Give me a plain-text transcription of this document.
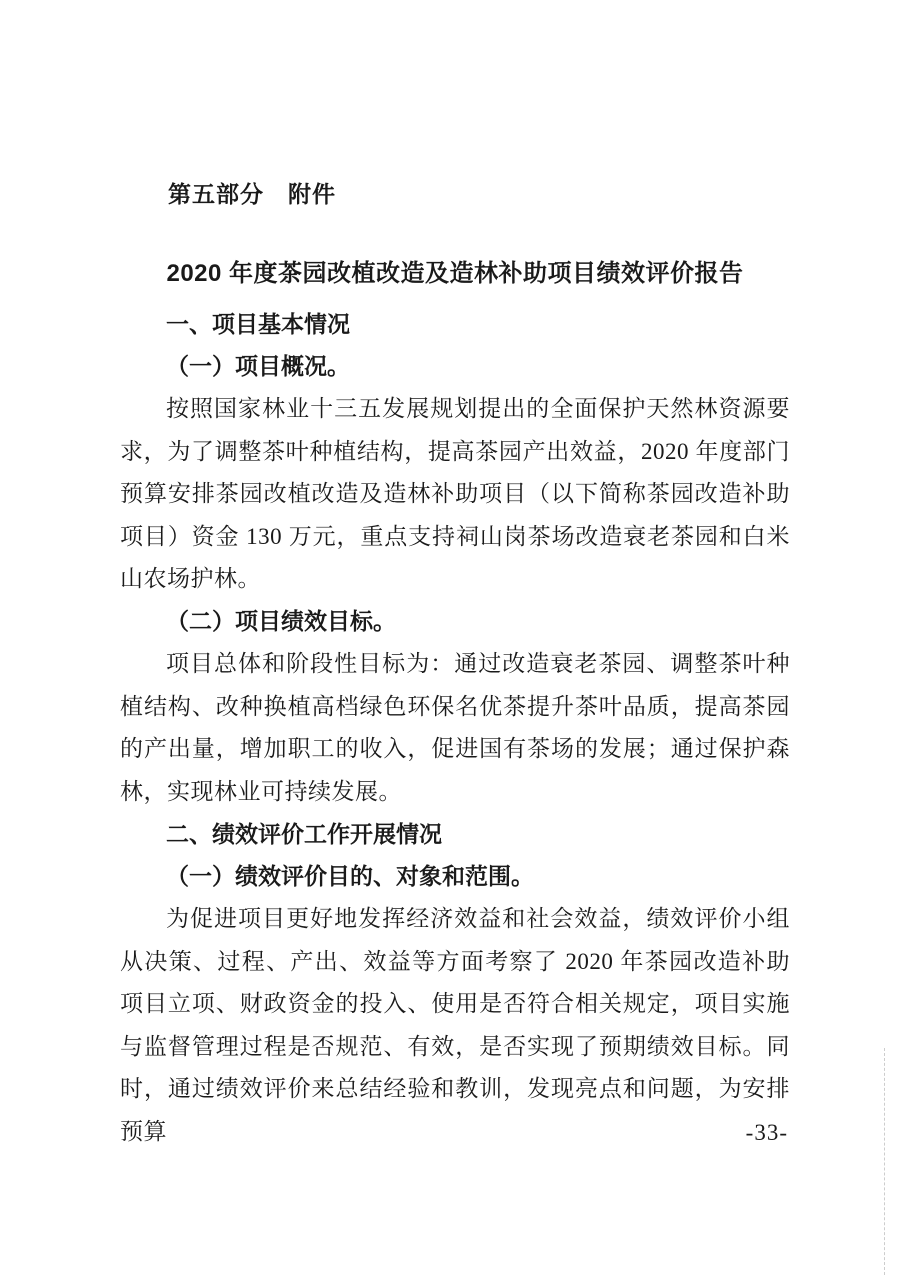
第五部分　附件
2020 年度茶园改植改造及造林补助项目绩效评价报告
一、项目基本情况
（一）项目概况。

按照国家林业十三五发展规划提出的全面保护天然林资源要求，为了调整茶叶种植结构，提高茶园产出效益，2020 年度部门预算安排茶园改植改造及造林补助项目（以下简称茶园改造补助项目）资金 130 万元，重点支持祠山岗茶场改造衰老茶园和白米山农场护林。

（二）项目绩效目标。

项目总体和阶段性目标为：通过改造衰老茶园、调整茶叶种植结构、改种换植高档绿色环保名优茶提升茶叶品质，提高茶园的产出量，增加职工的收入，促进国有茶场的发展；通过保护森林，实现林业可持续发展。

二、绩效评价工作开展情况
（一）绩效评价目的、对象和范围。

为促进项目更好地发挥经济效益和社会效益，绩效评价小组从决策、过程、产出、效益等方面考察了 2020 年茶园改造补助项目立项、财政资金的投入、使用是否符合相关规定，项目实施与监督管理过程是否规范、有效，是否实现了预期绩效目标。同时，通过绩效评价来总结经验和教训，发现亮点和问题，为安排预算	-33-
